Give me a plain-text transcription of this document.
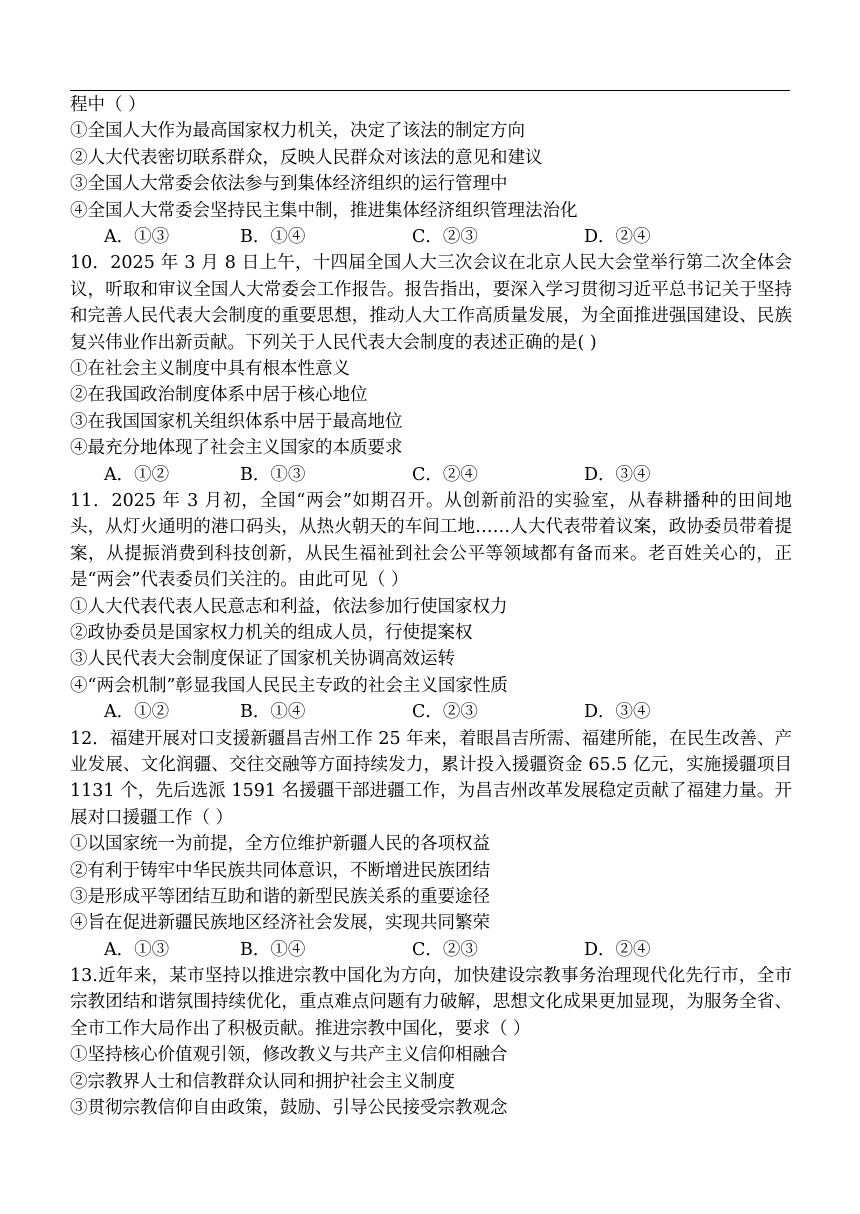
程中（ ）
①全国人大作为最高国家权力机关，决定了该法的制定方向
②人大代表密切联系群众，反映人民群众对该法的意见和建议
③全国人大常委会依法参与到集体经济组织的运行管理中
④全国人大常委会坚持民主集中制，推进集体经济组织管理法治化
A．①③	B．①④	C．②③	D．②④
10．2025 年 3 月 8 日上午，十四届全国人大三次会议在北京人民大会堂举行第二次全体会议，听取和审议全国人大常委会工作报告。报告指出，要深入学习贯彻习近平总书记关于坚持和完善人民代表大会制度的重要思想，推动人大工作高质量发展，为全面推进强国建设、民族复兴伟业作出新贡献。下列关于人民代表大会制度的表述正确的是( )
①在社会主义制度中具有根本性意义
②在我国政治制度体系中居于核心地位
③在我国国家机关组织体系中居于最高地位
④最充分地体现了社会主义国家的本质要求
A．①②	B．①③	C．②④	D．③④
11．2025 年 3 月初，全国“两会”如期召开。从创新前沿的实验室，从春耕播种的田间地头，从灯火通明的港口码头，从热火朝天的车间工地……人大代表带着议案，政协委员带着提案，从提振消费到科技创新，从民生福祉到社会公平等领域都有备而来。老百姓关心的，正是“两会”代表委员们关注的。由此可见（ ）
①人大代表代表人民意志和利益，依法参加行使国家权力
②政协委员是国家权力机关的组成人员，行使提案权
③人民代表大会制度保证了国家机关协调高效运转
④“两会机制”彰显我国人民民主专政的社会主义国家性质
A．①②	B．①④	C．②③	D．③④
12．福建开展对口支援新疆昌吉州工作 25 年来，着眼昌吉所需、福建所能，在民生改善、产业发展、文化润疆、交往交融等方面持续发力，累计投入援疆资金 65.5 亿元，实施援疆项目 1131 个，先后选派 1591 名援疆干部进疆工作，为昌吉州改革发展稳定贡献了福建力量。开展对口援疆工作（ ）
①以国家统一为前提，全方位维护新疆人民的各项权益
②有利于铸牢中华民族共同体意识，不断增进民族团结
③是形成平等团结互助和谐的新型民族关系的重要途径
④旨在促进新疆民族地区经济社会发展，实现共同繁荣
A．①③	B．①④	C．②③	D．②④
13.近年来，某市坚持以推进宗教中国化为方向，加快建设宗教事务治理现代化先行市，全市宗教团结和谐氛围持续优化，重点难点问题有力破解，思想文化成果更加显现，为服务全省、全市工作大局作出了积极贡献。推进宗教中国化，要求（ ）
①坚持核心价值观引领，修改教义与共产主义信仰相融合
②宗教界人士和信教群众认同和拥护社会主义制度
③贯彻宗教信仰自由政策，鼓励、引导公民接受宗教观念
